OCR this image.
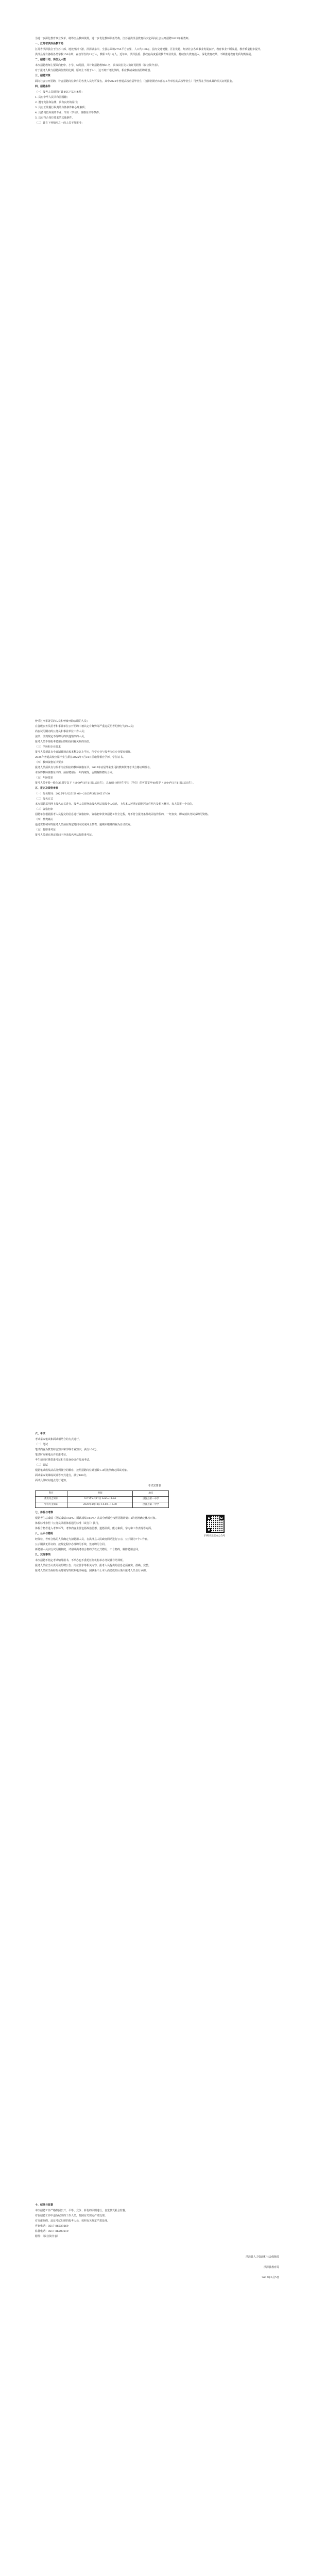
为进一步深化教育事业改革，统筹全县教师资源，进一步优化教师队伍结构，江苏省洪泽县教育局决定面向社会公开招聘2025年新教师。

一、江苏省洪泽县教育局

江苏省洪泽县位于江苏中部，地处淮河下游，洪泽湖东岸。全县总面积2755平方公里，人口约100万。县内交通便捷，区位优越，经济社会各项事业发展良好，教育事业不断发展，教育质量稳步提升。

洪泽县现有各级各类学校150余所，在校学生约12万人，教职工约1万人。近年来，洪泽县委、县政府高度重视教育事业发展，持续加大教育投入，深化教育改革，不断推进教育优质均衡发展。

二、招聘计划、岗位及人数

本次招聘教师主要面向初中、小学、幼儿园，共计划招聘教师81名，具体岗位及人数详见附件《岗位简介表》。

对于报考人数与招聘岗位数的比例，原则上不低于3:1，达不到开考比例的，相应核减或取消招聘计划。

三、招聘对象

面向社会公开招聘，符合招聘岗位条件的各类人员均可报名。其中2025年普通高校应届毕业生（含择业期内未落实工作单位的高校毕业生）可凭所在学校出具的相关证明报名。

四、招聘条件

（一）报考人员须同时具备以下基本条件：

1. 具有中华人民共和国国籍；

2. 遵守宪法和法律，具有良好的品行；

3. 具有正常履行职责的身体条件和心理素质；

4. 具备岗位所需的专业、学历（学位）、资格证书等条件；

5. 具有符合岗位要求的其他条件。

（二）具有下列情形之一的人员不得报考：

曾受过刑事处罚的人员和曾被开除公职的人员；

在各级公务员招考和事业单位公开招聘中被认定有舞弊等严重违反招考纪律行为的人员；

尚在试用期内的公务员和事业单位工作人员；

法律、法规规定不得聘用的其他情形的人员。

报考人员不得报考聘用后即构成回避关系的岗位。

（三）学历和专业要求

报考人员须具有全日制普通高校本科及以上学历，所学专业与报考岗位专业要求相符。

2025年普通高校应届毕业生须在2025年7月31日前取得相应学历、学位证书。

（四）教师资格证书要求

报考人员须具有与报考岗位相应的教师资格证书。2025年应届毕业生可持教师资格考试合格证明报名。

未取得教师资格证书的，须在聘用后一年内取得，否则解除聘用合同。

（五）年龄要求

报考人员年龄一般为35周岁以下（1989年3月1日以后出生），具有硕士研究生学历（学位）的可放宽至40周岁（1984年3月1日以后出生）。

五、报名及资格审核

（一）报名时间：2025年3月25日9:00—2025年3月29日17:00

（二）报名方式

本次招聘采用网上报名方式进行。报考人员须登录报名网站填报个人信息，上传本人近期正面免冠证件照片及相关材料。每人限报一个岗位。

（三）资格初审

招聘单位根据报考人员提交的信息进行资格初审。资格初审贯穿招聘工作全过程，凡不符合报考条件或弄虚作假的，一经查实，即取消其考试或聘用资格。

（四）缴费确认

通过资格初审的报考人员须在规定时间内完成网上缴费，逾期未缴费的视为自动放弃。

（五）打印准考证

报考人员须在规定时间内登录报名网站打印准考证。

六、考试

考试采取笔试和面试相结合的方式进行。

（一）笔试

笔试内容为教育综合知识和学科专业知识，满分100分。

笔试时间和地点详见准考证。

考生须同时携带准考证和有效身份证件参加考试。

（二）面试

根据笔试成绩从高分到低分的顺序，按照招聘岗位计划数1:3的比例确定面试对象。

面试采取说课或试讲等形式进行，满分100分。

面试具体时间地点另行通知。

考试安排表

科目	时间	地点
教育综合知识	2025年4月12日 9:00—11:00	洪泽县第一中学
学科专业知识	2025年4月12日 14:00—16:00	洪泽县第一中学

七、体检与考察

根据考生总成绩（笔试成绩×50%＋面试成绩×50%）从高分到低分按照招聘计划1:1的比例确定体检对象。

体检标准参照《公务员录用体检通用标准（试行）》执行。

体检合格者进入考察环节，考察内容主要包括政治思想、道德品质、能力素质、学习和工作表现等方面。

八、公示与聘用

经体检、考察合格的人员确定为拟聘用人员，在洪泽县人民政府网站进行公示，公示期为7个工作日。

公示期满无异议的，按规定程序办理聘用手续，签订聘用合同。

新聘用人员实行试用期制度，试用期满考核合格的予以正式聘用；不合格的，解除聘用合同。

九、其他事项

本次招聘不指定考试辅导用书，不举办也不委托任何机构举办考试辅导培训班。

报考人员应当认真阅读招聘公告、岗位要求等相关内容，报考人员提供的信息必须真实、准确、完整。

报考人员应当保持报名时填写的联系电话畅通，因联系不上本人而造成的后果由报考人员自行承担。

扫码关注官方公众号

十、纪律与监督

本次招聘工作严格按照公开、平等、竞争、择优的原则进行，自觉接受社会监督。

对在招聘工作中违反纪律的工作人员，按照有关规定严肃处理。

对弄虚作假、违反考试纪律的报考人员，按照有关规定严肃处理。

咨询电话：0517-86229269

监督电话：0517-86209619

附件：《岗位简介表》

洪泽县人力资源和社会保障局

洪泽县教育局

2025年3月5日
